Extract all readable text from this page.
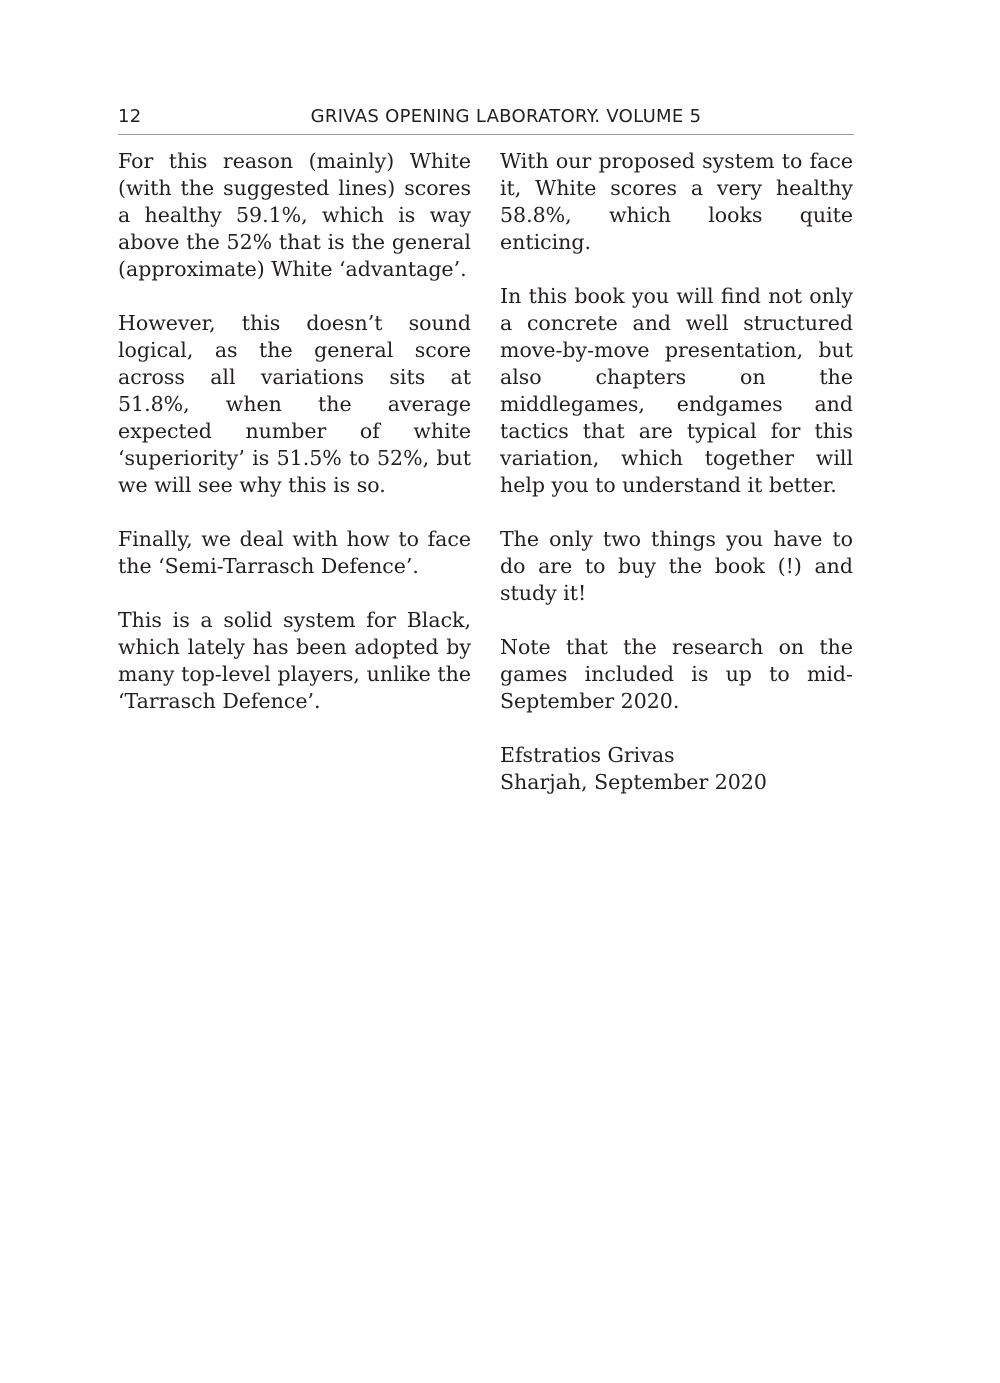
12	GRIVAS OPENING LABORATORY. VOLUME 5

For this reason (mainly) White (with the suggested lines) scores a healthy 59.1%, which is way above the 52% that is the general (approximate) White ‘advantage’.

However, this doesn’t sound logical, as the general score across all variations sits at 51.8%, when the average expected number of white ‘superiority’ is 51.5% to 52%, but we will see why this is so.

Finally, we deal with how to face the ‘Semi-Tarrasch Defence’.

This is a solid system for Black, which lately has been adopted by many top-level players, unlike the ‘Tarrasch Defence’.

With our proposed system to face it, White scores a very healthy 58.8%, which looks quite enticing.

In this book you will find not only a concrete and well structured move-by-move presentation, but also chapters on the middlegames, endgames and tactics that are typical for this variation, which together will help you to understand it better.

The only two things you have to do are to buy the book (!) and study it!

Note that the research on the games included is up to mid-September 2020.

Efstratios Grivas

Sharjah, September 2020
